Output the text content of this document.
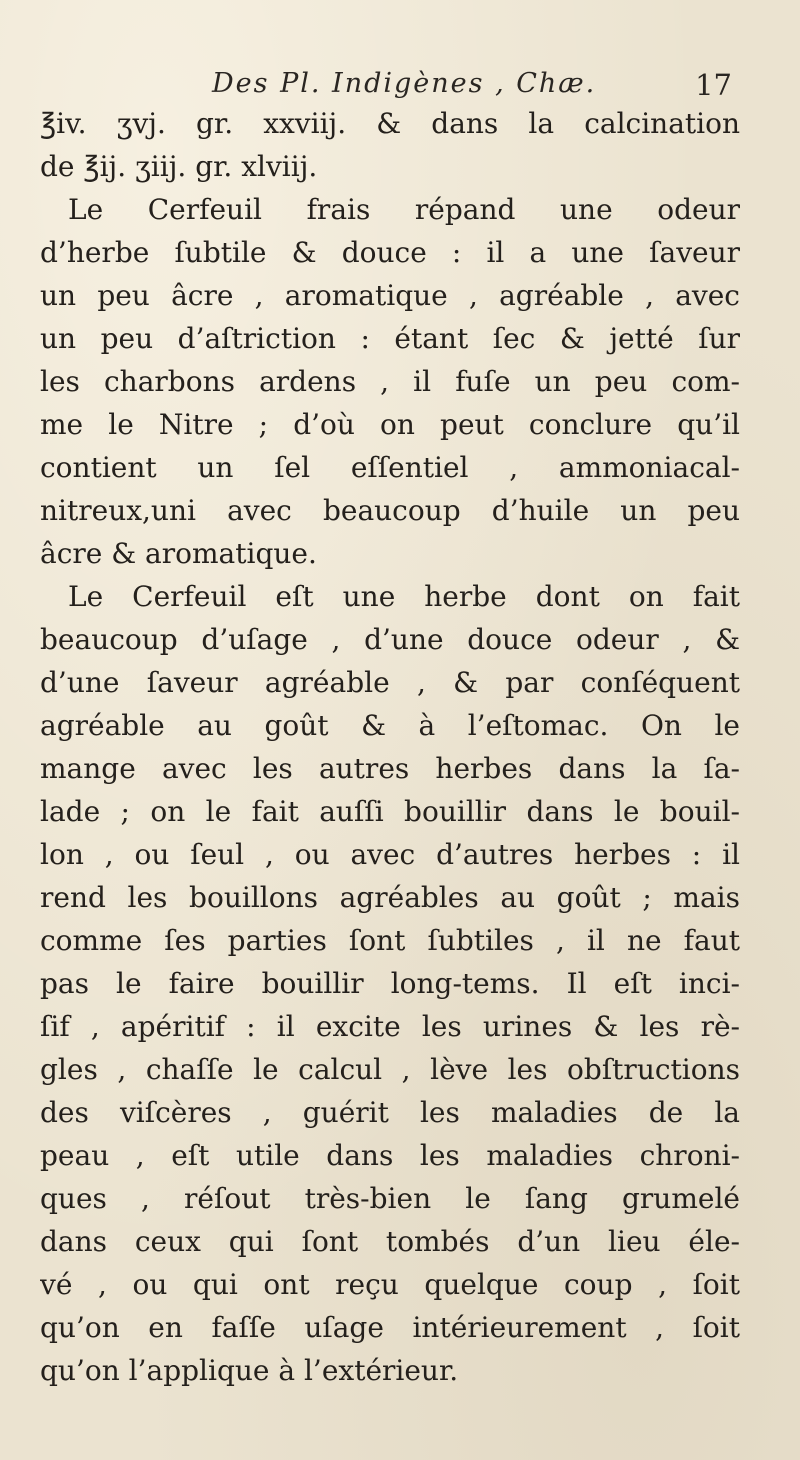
Des Pl. Indigènes , Chæ.	17
℥iv. ʒvj. gr. xxviij. & dans la calcination
de ℥ij. ʒiij. gr. xlviij.
Le Cerfeuil frais répand une odeur
d’herbe ſubtile & douce : il a une ſaveur
un peu âcre , aromatique , agréable , avec
un peu d’aſtriction : étant ſec & jetté ſur
les charbons ardens , il fuſe un peu com-
me le Nitre ; d’où on peut conclure qu’il
contient un ſel eſſentiel , ammoniacal-
nitreux,uni avec beaucoup d’huile un peu
âcre & aromatique.
Le Cerfeuil eſt une herbe dont on fait
beaucoup d’uſage , d’une douce odeur , &
d’une ſaveur agréable , & par conſéquent
agréable au goût & à l’eſtomac. On le
mange avec les autres herbes dans la ſa-
lade ; on le fait auſſi bouillir dans le bouil-
lon , ou ſeul , ou avec d’autres herbes : il
rend les bouillons agréables au goût ; mais
comme ſes parties ſont ſubtiles , il ne faut
pas le faire bouillir long-tems. Il eſt inci-
ſif , apéritif : il excite les urines & les rè-
gles , chaſſe le calcul , lève les obſtructions
des viſcères , guérit les maladies de la
peau , eſt utile dans les maladies chroni-
ques , réſout très-bien le ſang grumelé
dans ceux qui ſont tombés d’un lieu éle-
vé , ou qui ont reçu quelque coup , ſoit
qu’on en faſſe uſage intérieurement , ſoit
qu’on l’applique à l’extérieur.
